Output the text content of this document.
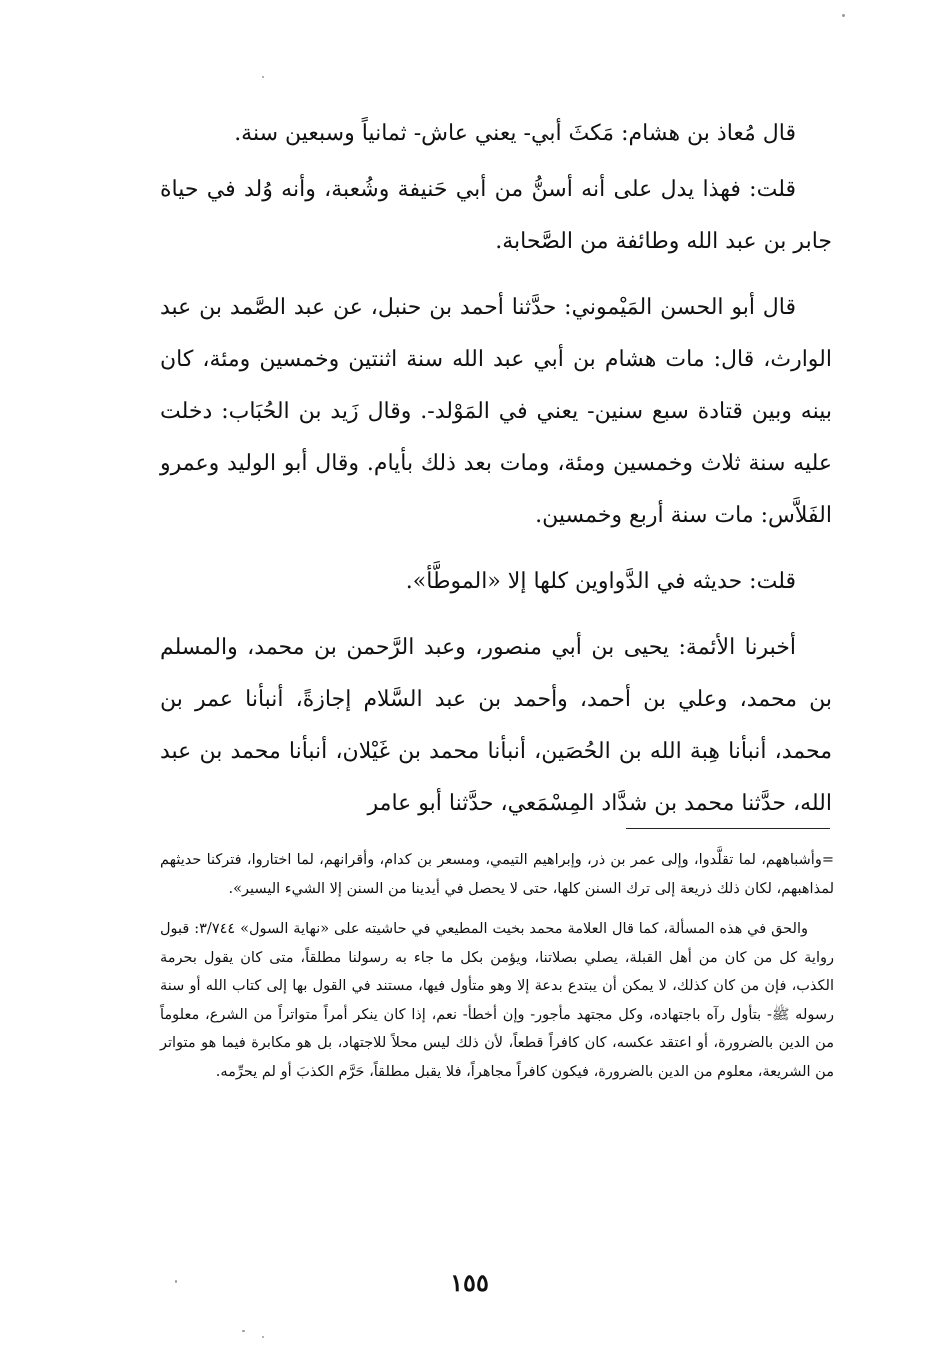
قال مُعاذ بن هشام: مَكثَ أبي- يعني عاش- ثمانياً وسبعين سنة.

قلت: فهذا يدل على أنه أسنُّ من أبي حَنيفة وشُعبة، وأنه وُلد في حياة جابر بن عبد الله وطائفة من الصَّحابة.

قال أبو الحسن المَيْموني: حدَّثنا أحمد بن حنبل، عن عبد الصَّمد بن عبد الوارث، قال: مات هشام بن أبي عبد الله سنة اثنتين وخمسين ومئة، كان بينه وبين قتادة سبع سنين- يعني في المَوْلد-. وقال زَيد بن الحُبَاب: دخلت عليه سنة ثلاث وخمسين ومئة، ومات بعد ذلك بأيام. وقال أبو الوليد وعمرو الفَلاَّس: مات سنة أربع وخمسين.

قلت: حديثه في الدَّواوين كلها إلا «الموطَّأ».

أخبرنا الأئمة: يحيى بن أبي منصور، وعبد الرَّحمن بن محمد، والمسلم بن محمد، وعلي بن أحمد، وأحمد بن عبد السَّلام إجازةً، أنبأنا عمر بن محمد، أنبأنا هِبة الله بن الحُصَين، أنبأنا محمد بن غَيْلان، أنبأنا محمد بن عبد الله، حدَّثنا محمد بن شدَّاد المِسْمَعي، حدَّثنا أبو عامر

=وأشباههم، لما تقلَّدوا، وإلى عمر بن ذر، وإبراهيم التيمي، ومسعر بن كدام، وأقرانهم، لما اختاروا، فتركنا حديثهم لمذاهبهم، لكان ذلك ذريعة إلى ترك السنن كلها، حتى لا يحصل في أيدينا من السنن إلا الشيء اليسير».

والحق في هذه المسألة، كما قال العلامة محمد بخيت المطيعي في حاشيته على «نهاية السول» ٣/٧٤٤: قبول رواية كل من كان من أهل القبلة، يصلي بصلاتنا، ويؤمن بكل ما جاء به رسولنا مطلقاً، متى كان يقول بحرمة الكذب، فإن من كان كذلك، لا يمكن أن يبتدع بدعة إلا وهو متأول فيها، مستند في القول بها إلى كتاب الله أو سنة رسوله ﷺ- بتأول رآه باجتهاده، وكل مجتهد مأجور- وإن أخطأ- نعم، إذا كان ينكر أمراً متواتراً من الشرع، معلوماً من الدين بالضرورة، أو اعتقد عكسه، كان كافراً قطعاً، لأن ذلك ليس محلاً للاجتهاد، بل هو مكابرة فيما هو متواتر من الشريعة، معلوم من الدين بالضرورة، فيكون كافراً مجاهراً، فلا يقبل مطلقاً، حَرَّم الكذبَ أو لم يحرِّمه.

١٥٥
